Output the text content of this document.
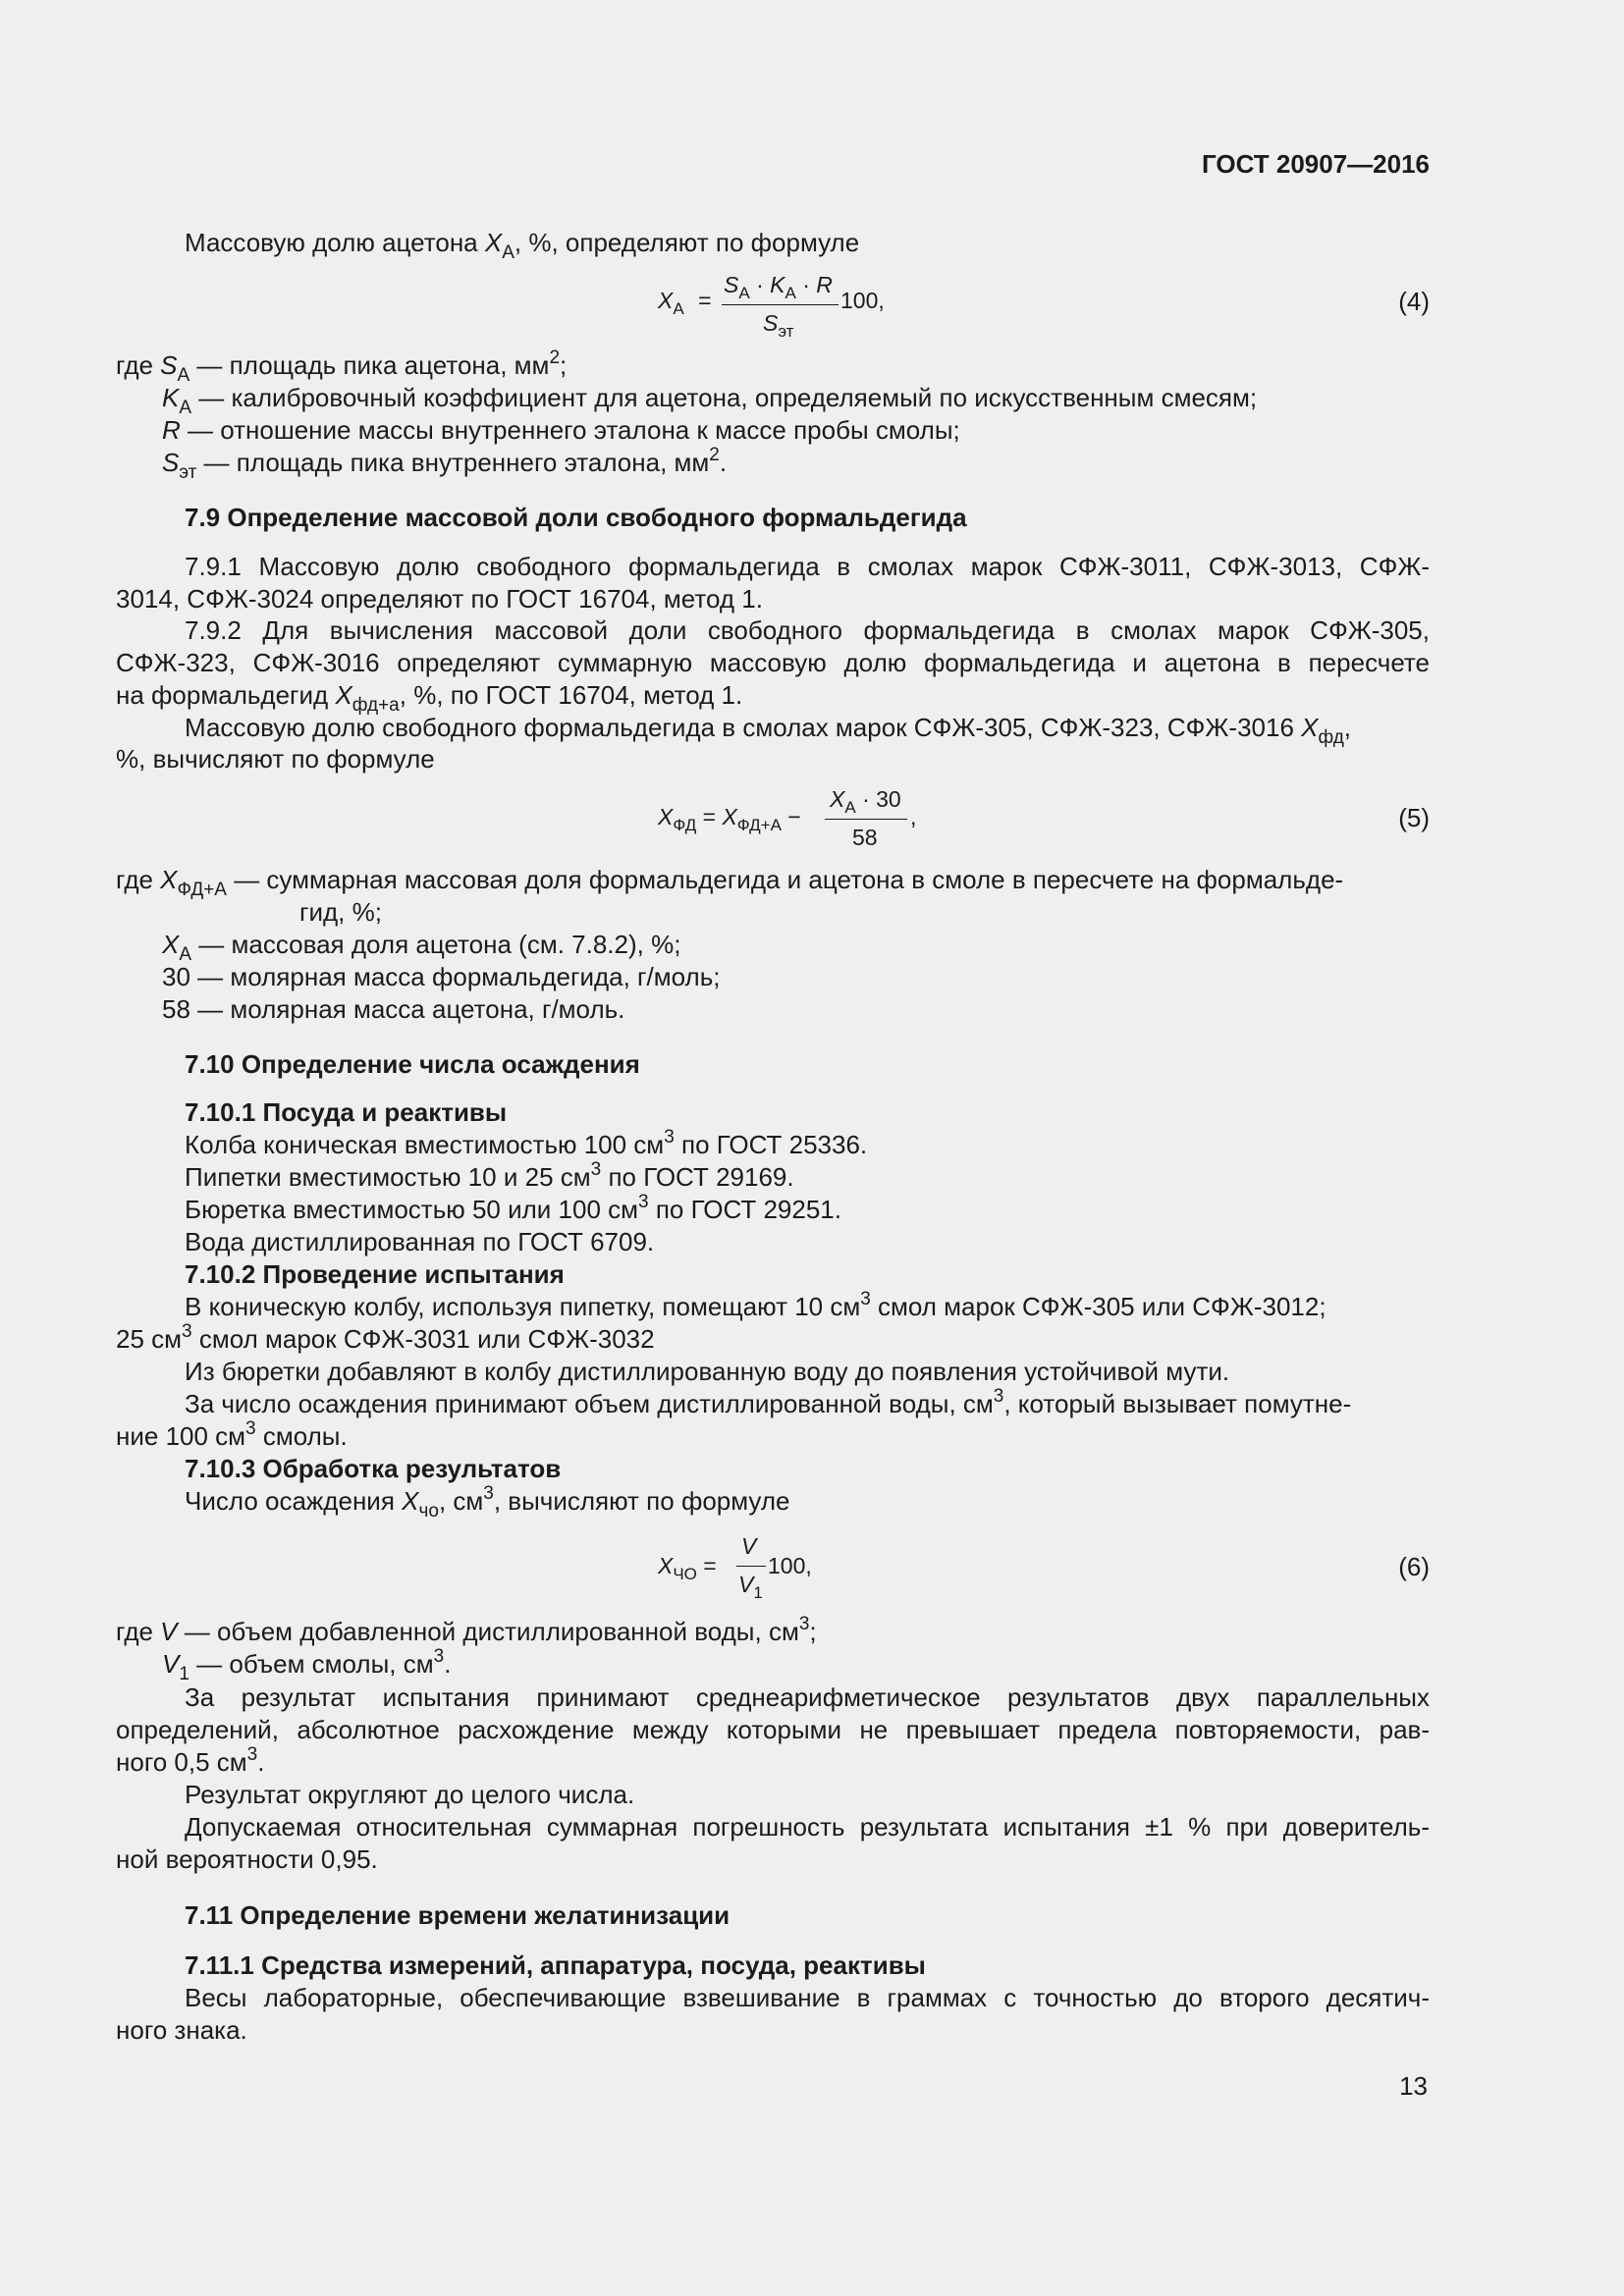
ГОСТ 20907—2016
Массовую долю ацетона $X_А$, %, определяют по формуле
$X_А$ =
$S_А \cdot K_А \cdot R$
$S_{эт}$
100,	(4)
где $S_А$ — площадь пика ацетона, $мм^2$;
$K_А$ — калибровочный коэффициент для ацетона, определяемый по искусственным смесям;
R — отношение массы внутреннего эталона к массе пробы смолы;
$S_{эт}$ — площадь пика внутреннего эталона, $мм^2$.
7.9 Определение массовой доли свободного формальдегида
7.9.1 Массовую долю свободного формальдегида в смолах марок СФЖ-3011, СФЖ-3013, СФЖ-
3014, СФЖ-3024 определяют по ГОСТ 16704, метод 1.
7.9.2 Для вычисления массовой доли свободного формальдегида в смолах марок СФЖ-305,
СФЖ-323, СФЖ-3016 определяют суммарную массовую долю формальдегида и ацетона в пересчете
на формальдегид $X_{фд+а}$, %, по ГОСТ 16704, метод 1.
Массовую долю свободного формальдегида в смолах марок СФЖ-305, СФЖ-323, СФЖ-3016 $X_{фд}$,
%, вычисляют по формуле
$X_{ФД} = X_{ФД+А}$ −
$X_А \cdot 30$
58
,	(5)
где $X_{ФД+А}$ — суммарная массовая доля формальдегида и ацетона в смоле в пересчете на формальде-
гид, %;
$X_А$ — массовая доля ацетона (см. 7.8.2), %;
30 — молярная масса формальдегида, г/моль;
58 — молярная масса ацетона, г/моль.
7.10 Определение числа осаждения
7.10.1 Посуда и реактивы
Колба коническая вместимостью 100 $см^3$ по ГОСТ 25336.
Пипетки вместимостью 10 и 25 $см^3$ по ГОСТ 29169.
Бюретка вместимостью 50 или 100 $см^3$ по ГОСТ 29251.
Вода дистиллированная по ГОСТ 6709.
7.10.2 Проведение испытания
В коническую колбу, используя пипетку, помещают 10 $см^3$ смол марок СФЖ-305 или СФЖ-3012;
25 $см^3$ смол марок СФЖ-3031 или СФЖ-3032
Из бюретки добавляют в колбу дистиллированную воду до появления устойчивой мути.
За число осаждения принимают объем дистиллированной воды, $см^3$, который вызывает помутне-
ние 100 $см^3$ смолы.
7.10.3 Обработка результатов
Число осаждения $X_{чо}$, $см^3$, вычисляют по формуле
$X_{ЧО}$ =
V
$V_1$
100,	(6)
где V — объем добавленной дистиллированной воды, $см^3$;
$V_1$ — объем смолы, $см^3$.
За результат испытания принимают среднеарифметическое результатов двух параллельных
определений, абсолютное расхождение между которыми не превышает предела повторяемости, рав-
ного 0,5 $см^3$.
Результат округляют до целого числа.
Допускаемая относительная суммарная погрешность результата испытания ±1 % при доверитель-
ной вероятности 0,95.
7.11 Определение времени желатинизации
7.11.1 Средства измерений, аппаратура, посуда, реактивы
Весы лабораторные, обеспечивающие взвешивание в граммах с точностью до второго десятич-
ного знака.
13
